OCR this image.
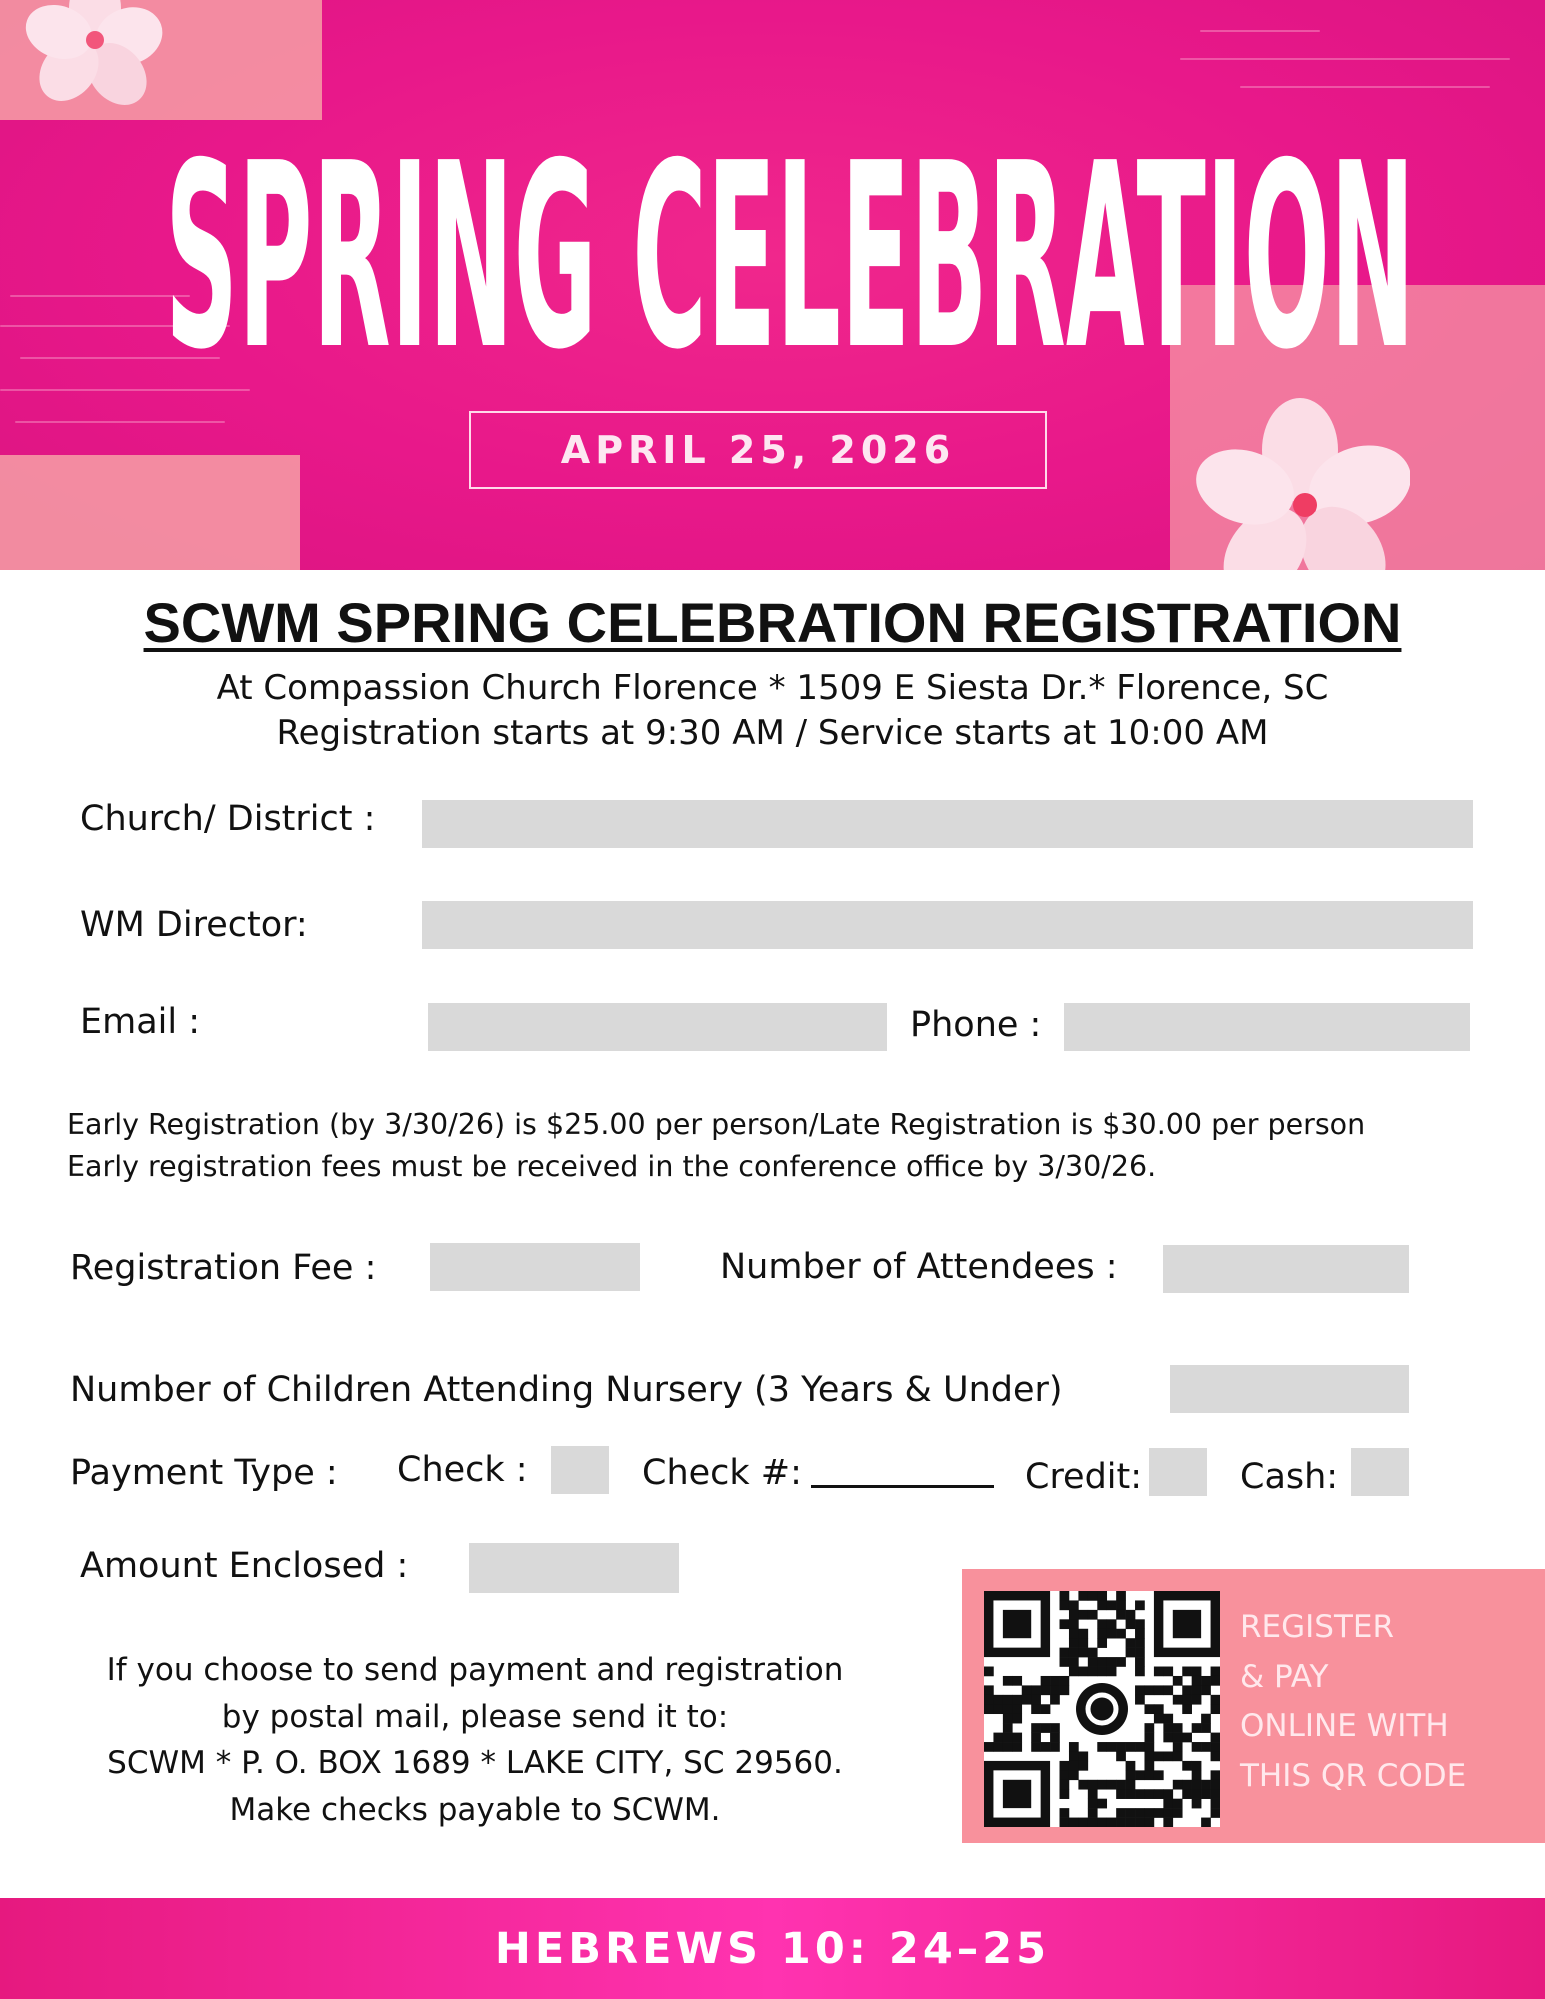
SPRING CELEBRATION
APRIL 25, 2026
SCWM SPRING CELEBRATION REGISTRATION
At Compassion Church Florence * 1509 E Siesta Dr.* Florence, SC
Registration starts at 9:30 AM / Service starts at 10:00 AM
Church/ District :
WM Director:
Email :	Phone :
Early Registration (by 3/30/26) is $25.00 per person/Late Registration is $30.00 per person
Early registration fees must be received in the conference office by 3/30/26.
Registration Fee :	Number of Attendees :
Number of Children Attending Nursery (3 Years & Under)
Payment Type : Check :	Check #:	Credit:	Cash:
Amount Enclosed :
If you choose to send payment and registration
by postal mail, please send it to:
SCWM * P. O. BOX 1689 * LAKE CITY, SC 29560.
Make checks payable to SCWM.
REGISTER
& PAY
ONLINE WITH
THIS QR CODE
HEBREWS 10: 24–25
